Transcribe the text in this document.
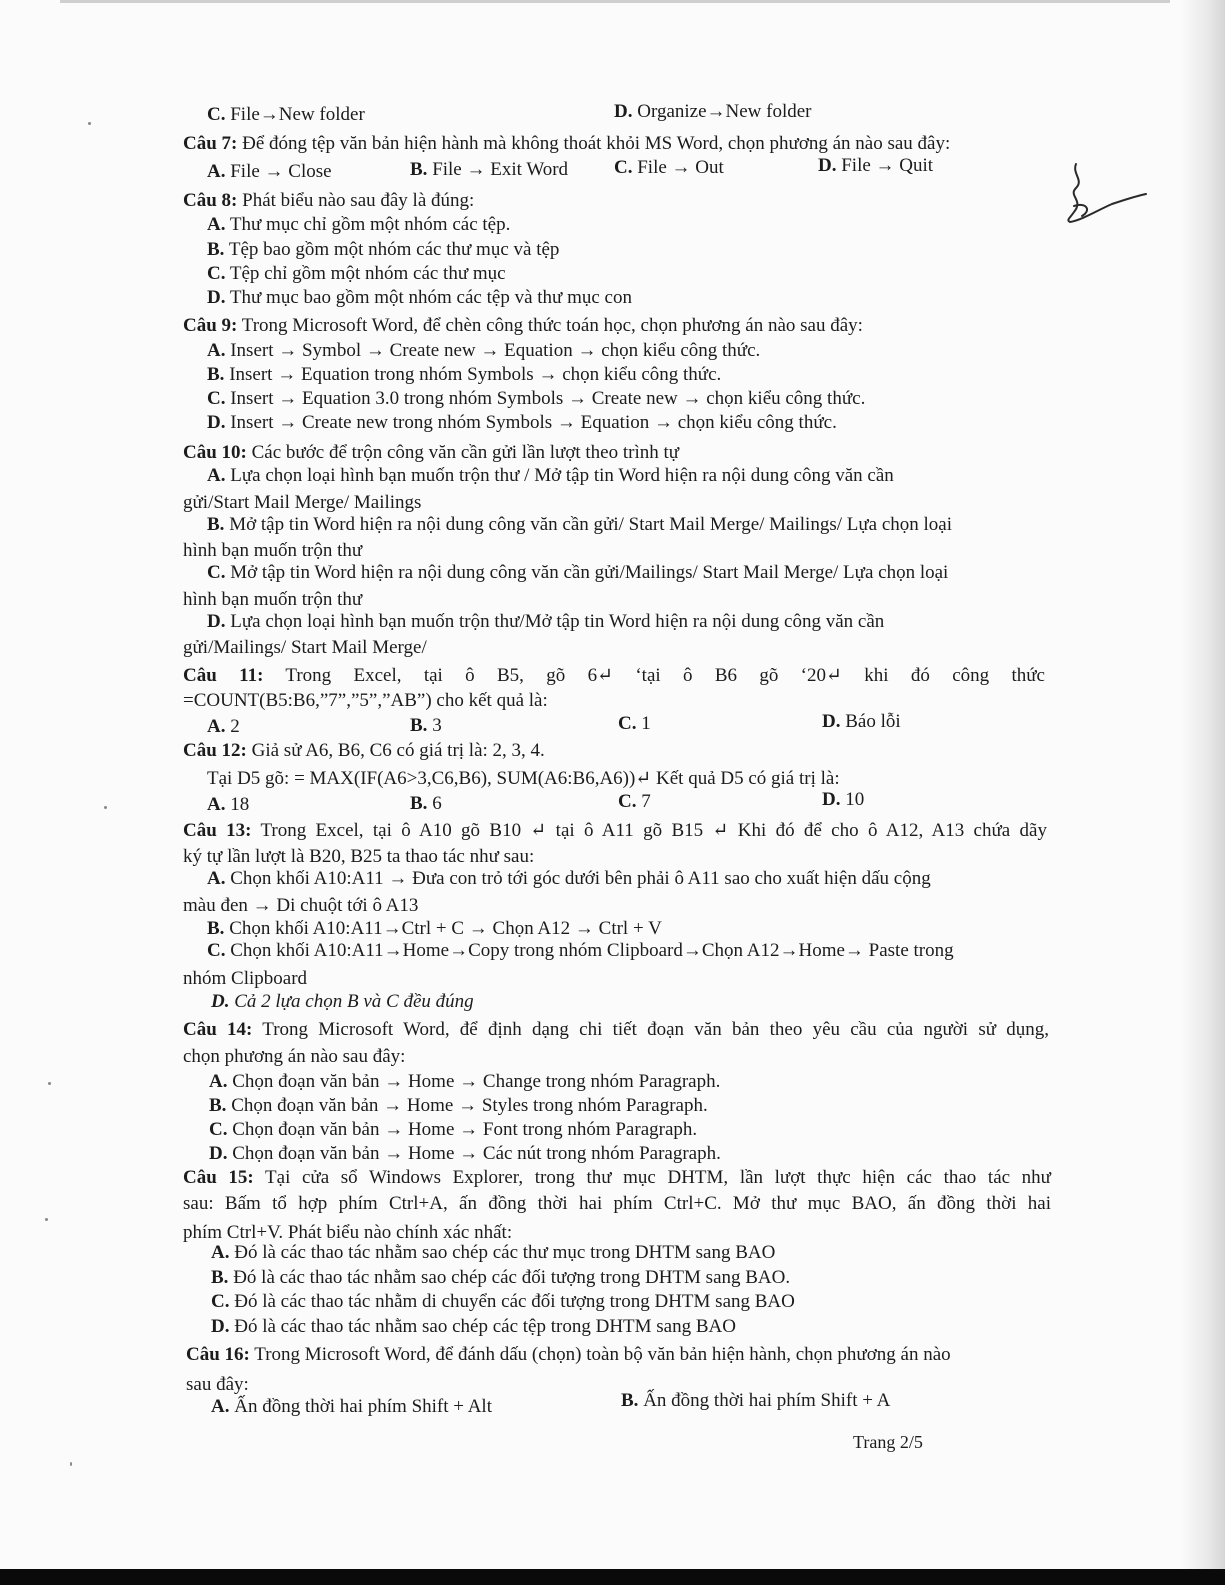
C. File→New folder	D. Organize→New folder
Câu 7: Để đóng tệp văn bản hiện hành mà không thoát khỏi MS Word, chọn phương án nào sau đây:
A. File → Close	B. File → Exit Word C. File → Out	D. File → Quit
Câu 8: Phát biểu nào sau đây là đúng:
A. Thư mục chỉ gồm một nhóm các tệp.
B. Tệp bao gồm một nhóm các thư mục và tệp
C. Tệp chỉ gồm một nhóm các thư mục
D. Thư mục bao gồm một nhóm các tệp và thư mục con
Câu 9: Trong Microsoft Word, để chèn công thức toán học, chọn phương án nào sau đây:
A. Insert → Symbol → Create new → Equation → chọn kiểu công thức.
B. Insert → Equation trong nhóm Symbols → chọn kiểu công thức.
C. Insert → Equation 3.0 trong nhóm Symbols → Create new → chọn kiểu công thức.
D. Insert → Create new trong nhóm Symbols → Equation → chọn kiểu công thức.
Câu 10: Các bước để trộn công văn cần gửi lần lượt theo trình tự
A. Lựa chọn loại hình bạn muốn trộn thư / Mở tập tin Word hiện ra nội dung công văn cần
gửi/Start Mail Merge/ Mailings
B. Mở tập tin Word hiện ra nội dung công văn cần gửi/ Start Mail Merge/ Mailings/ Lựa chọn loại
hình bạn muốn trộn thư
C. Mở tập tin Word hiện ra nội dung công văn cần gửi/Mailings/ Start Mail Merge/ Lựa chọn loại
hình bạn muốn trộn thư
D. Lựa chọn loại hình bạn muốn trộn thư/Mở tập tin Word hiện ra nội dung công văn cần
gửi/Mailings/ Start Mail Merge/
=COUNT(B5:B6,”7”,”5”,”AB”) cho kết quả là:
A. 2	B. 3	C. 1	D. Báo lỗi
Câu 12: Giả sử A6, B6, C6 có giá trị là: 2, 3, 4.
Tại D5 gõ: = MAX(IF(A6>3,C6,B6), SUM(A6:B6,A6))↵ Kết quả D5 có giá trị là:
A. 18	B. 6	C. 7	D. 10
ký tự lần lượt là B20, B25 ta thao tác như sau:
A. Chọn khối A10:A11 → Đưa con trỏ tới góc dưới bên phải ô A11 sao cho xuất hiện dấu cộng
màu đen → Di chuột tới ô A13
B. Chọn khối A10:A11→Ctrl + C → Chọn A12 → Ctrl + V
C. Chọn khối A10:A11→Home→Copy trong nhóm Clipboard→Chọn A12→Home→ Paste trong
nhóm Clipboard
chọn phương án nào sau đây:
A. Chọn đoạn văn bản → Home → Change trong nhóm Paragraph.
B. Chọn đoạn văn bản → Home → Styles trong nhóm Paragraph.
C. Chọn đoạn văn bản → Home → Font trong nhóm Paragraph.
D. Chọn đoạn văn bản → Home → Các nút trong nhóm Paragraph.
phím Ctrl+V. Phát biểu nào chính xác nhất:
A. Đó là các thao tác nhằm sao chép các thư mục trong DHTM sang BAO
B. Đó là các thao tác nhằm sao chép các đối tượng trong DHTM sang BAO.
C. Đó là các thao tác nhằm di chuyển các đối tượng trong DHTM sang BAO
D. Đó là các thao tác nhằm sao chép các tệp trong DHTM sang BAO
Câu 16: Trong Microsoft Word, để đánh dấu (chọn) toàn bộ văn bản hiện hành, chọn phương án nào
sau đây:
A. Ấn đồng thời hai phím Shift + Alt	B. Ấn đồng thời hai phím Shift + A
Câu 11: Trong Excel, tại ô B5, gõ 6↵ ‘tại ô B6 gõ ‘20↵ khi đó công thức
Câu 13: Trong Excel, tại ô A10 gõ B10 ↵ tại ô A11 gõ B15 ↵ Khi đó để cho ô A12, A13 chứa dãy
Câu 14: Trong Microsoft Word, để định dạng chi tiết đoạn văn bản theo yêu cầu của người sử dụng,
Câu 15: Tại cửa sổ Windows Explorer, trong thư mục DHTM, lần lượt thực hiện các thao tác như
sau: Bấm tổ hợp phím Ctrl+A, ấn đồng thời hai phím Ctrl+C. Mở thư mục BAO, ấn đồng thời hai
D. Cả 2 lựa chọn B và C đều đúng
Trang 2/5
